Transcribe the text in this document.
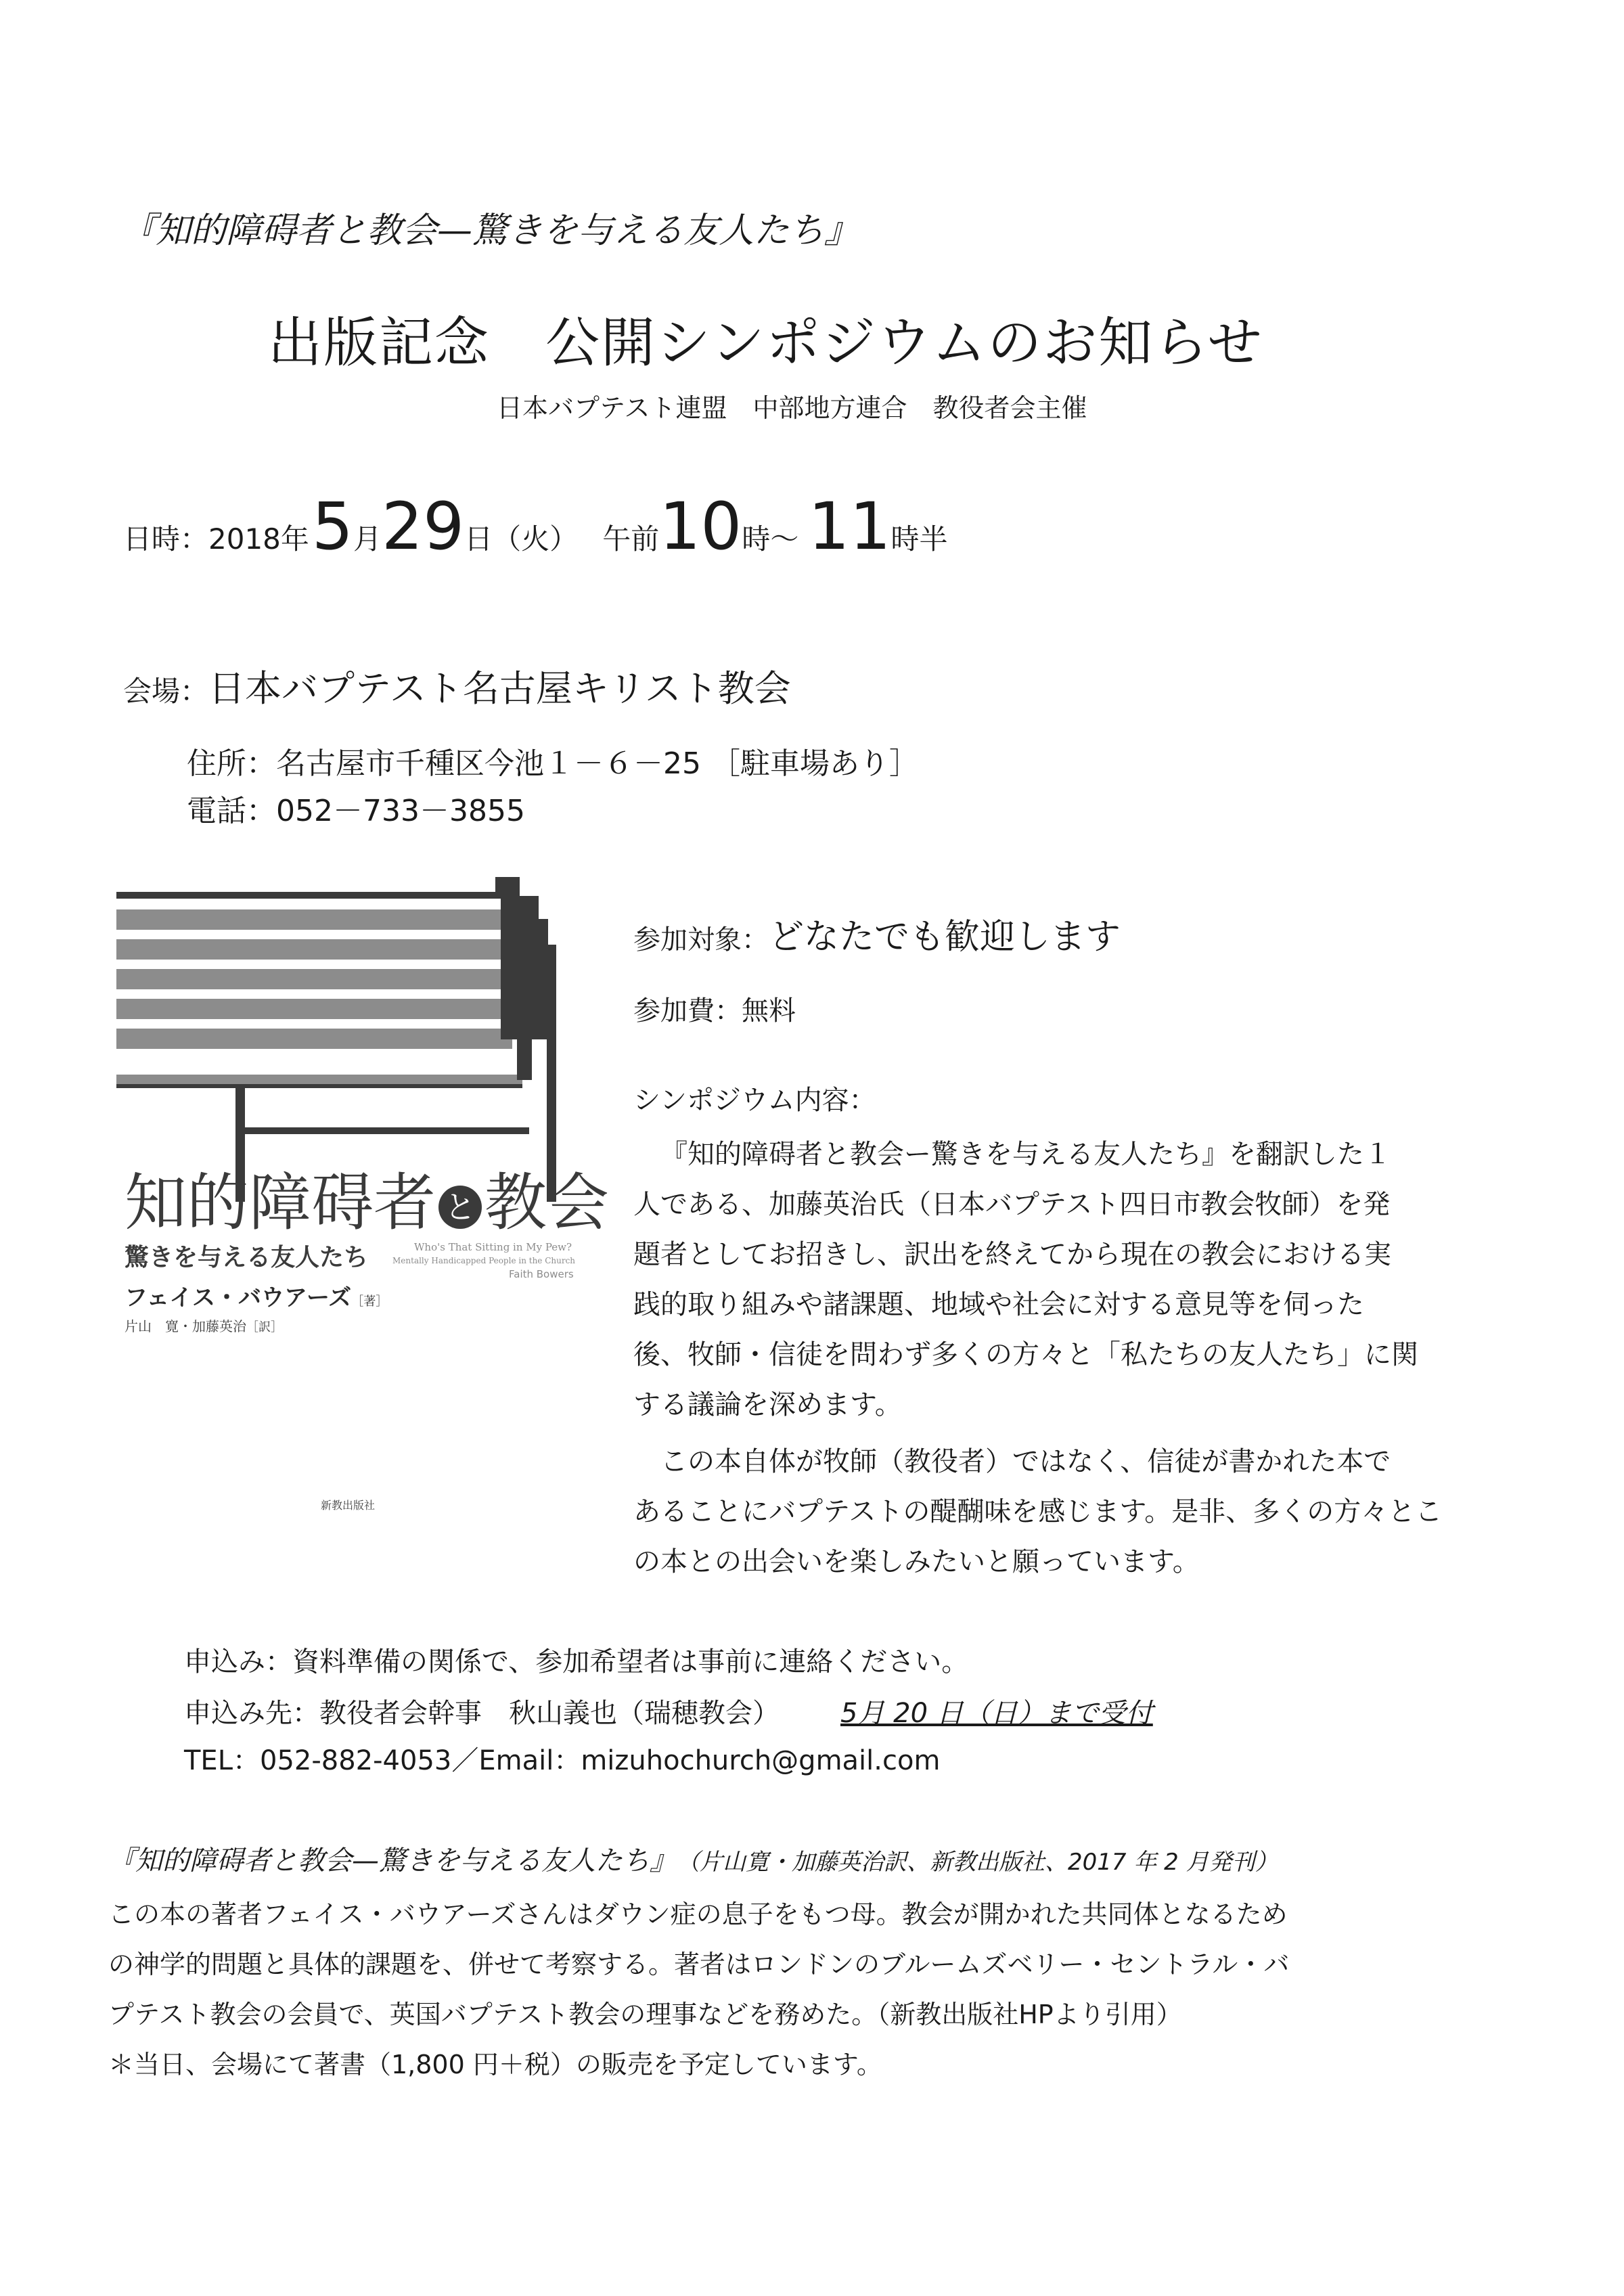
『知的障碍者と教会—驚きを与える友人たち』
出版記念　公開シンポジウムのお知らせ
日本バプテスト連盟　中部地方連合　教役者会主催
日時： 2018年 5 月 29 日 （火） 午前 10 時～ 11 時半
会場： 日本バプテスト名古屋キリスト教会
住所：名古屋市千種区今池１－６－25 ［駐車場あり］
電話：052－733－3855
知的障碍者 と 教会
驚きを与える友人たち	Who's That Sitting in My Pew?
Mentally Handicapped People in the Church
Faith Bowers
フェイス・バウアーズ［著］
片山　寛・加藤英治［訳］
新教出版社
参加対象： どなたでも歓迎します
参加費：無料
シンポジウム内容：
『知的障碍者と教会ー驚きを与える友人たち』を翻訳した１
人である、加藤英治氏（日本バプテスト四日市教会牧師）を発
題者としてお招きし、訳出を終えてから現在の教会における実
践的取り組みや諸課題、地域や社会に対する意見等を伺った
後、牧師・信徒を問わず多くの方々と「私たちの友人たち」に関
する議論を深めます。
この本自体が牧師（教役者）ではなく、信徒が書かれた本で
あることにバプテストの醍醐味を感じます。是非、多くの方々とこ
の本との出会いを楽しみたいと願っています。
申込み：資料準備の関係で、参加希望者は事前に連絡ください。
申込み先：教役者会幹事　秋山義也（瑞穂教会） 5月 20 日（日）まで受付
TEL：052-882-4053／Email：mizuhochurch@gmail.com
『知的障碍者と教会—驚きを与える友人たち』 （片山寛・加藤英治訳、新教出版社、2017 年 2 月発刊）
この本の著者フェイス・バウアーズさんはダウン症の息子をもつ母。教会が開かれた共同体となるため
の神学的問題と具体的課題を、併せて考察する。著者はロンドンのブルームズベリー・セントラル・バ
プテスト教会の会員で、英国バプテスト教会の理事などを務めた。（新教出版社HPより引用）
＊当日、会場にて著書（1,800 円＋税）の販売を予定しています。
